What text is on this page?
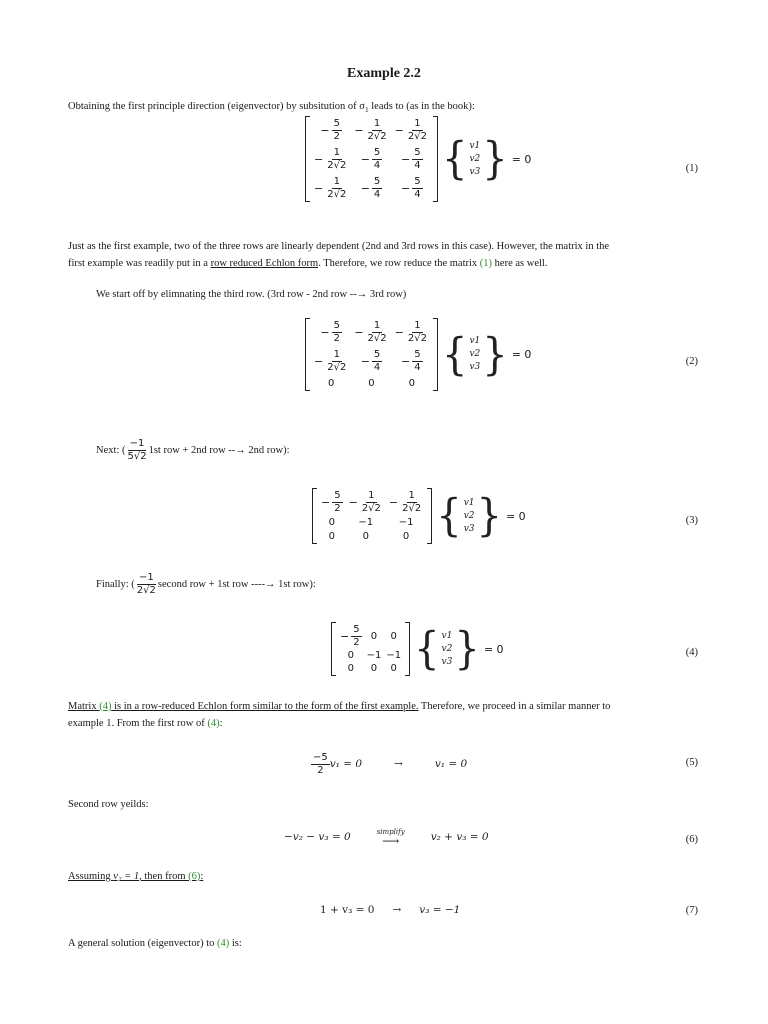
Example 2.2
Obtaining the first principle direction (eigenvector) by subsitution of $\sigma_1$ leads to (as in the book):
− $\frac{5}{2} - \frac{1}{2√2} - \frac{1}{2√2}$
− $\frac{1}{2√2} - \frac{5}{4} - \frac{5}{4}$
− $\frac{1}{2√2} - \frac{5}{4} - \frac{5}{4}$
{ v1
v2
v3 } = 0
(1)
Just as the first example, two of the three rows are linearly dependent (2nd and 3rd rows in this case). However, the matrix in the
first example was readily put in a row reduced Echlon form. Therefore, we row reduce the matrix (1) here as well.
We start off by elimnating the third row. (3rd row - 2nd row --→ 3rd row)
− $\frac{5}{2} - \frac{1}{2√2} - \frac{1}{2√2}$
− $\frac{1}{2√2} - \frac{5}{4} - \frac{5}{4}$
0	0	0
{ v1
v2
v3 } = 0
(2)
Next: ( $\frac{-1}{5√2} 1st$ row + 2nd row --→ 2nd row):
− $\frac{5}{2} - \frac{1}{2√2} - \frac{1}{2√2}$
0 −1	−1
0	0	0 { v1
v2
v3 } = 0	(3)
Finally: ( $\frac{-1}{2√2}$ second row + 1st row ----→ 1st row):
− $\frac{5}{2} 0$ 0
0 −1 −1
0 0 0 { v1
v2
v3 } = 0	(4)
Matrix (4) is in a row-reduced Echlon form similar to the form of the first example. Therefore, we proceed in a similar manner to
example 1. From the first row of (4):
$\frac{-5}{2} v_1 = 0$	→	v₁ = 0	(5)
Second row yeilds:
−v₂ − v₃ = 0	simplify
⟶	v₂ + v₃ = 0	(6)
Assuming v₂ = 1, then from (6):
1 + v₃ = 0 → v₃ = −1	(7)
A general solution (eigenvector) to (4) is:
